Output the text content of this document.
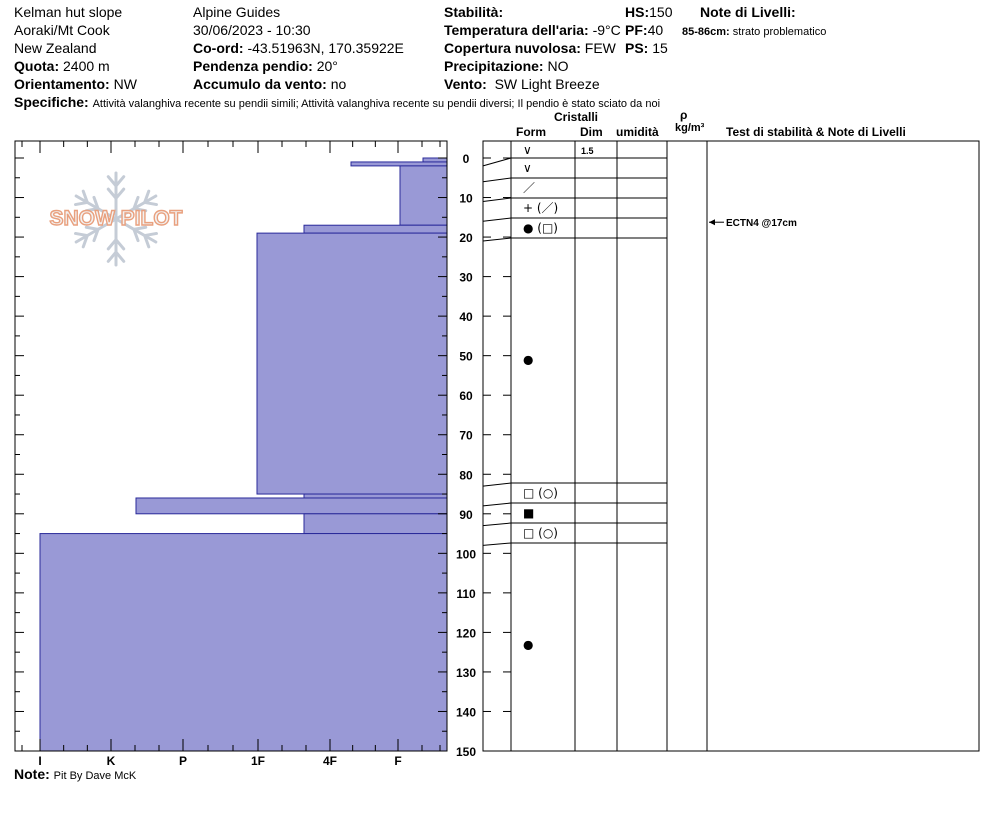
Kelman hut slope
Aoraki/Mt Cook
New Zealand
Quota: 2400 m
Orientamento: NW
Alpine Guides
30/06/2023 - 10:30
Co-ord: -43.51963N, 170.35922E
Pendenza pendio: 20°
Accumulo da vento: no
Stabilità:
Temperatura dell'aria: -9°C
Copertura nuvolosa: FEW
Precipitazione: NO
Vento: SW Light Breeze
HS:150
PF:40
PS: 15
Note di Livelli:
85-86cm: strato problematico
Specifiche: Attività valanghiva recente su pendii simili; Attività valanghiva recente su pendii diversi; Il pendio è stato sciato da noi
Cristalli	ρ
Form	Dim umidità kg/m³ Test di stabilità & Note di Livelli
SNOW PILOT
I	K	P	1F	4F	F
0
10
20
30
40
50
60
70
80
90
100
110
120
130
140
150
∨	1.5
∨
／
+ (／)
● (□)
●
□ (○)
■
□ (○)
●
ECTN4 @17cm
Note: Pit By Dave McK
